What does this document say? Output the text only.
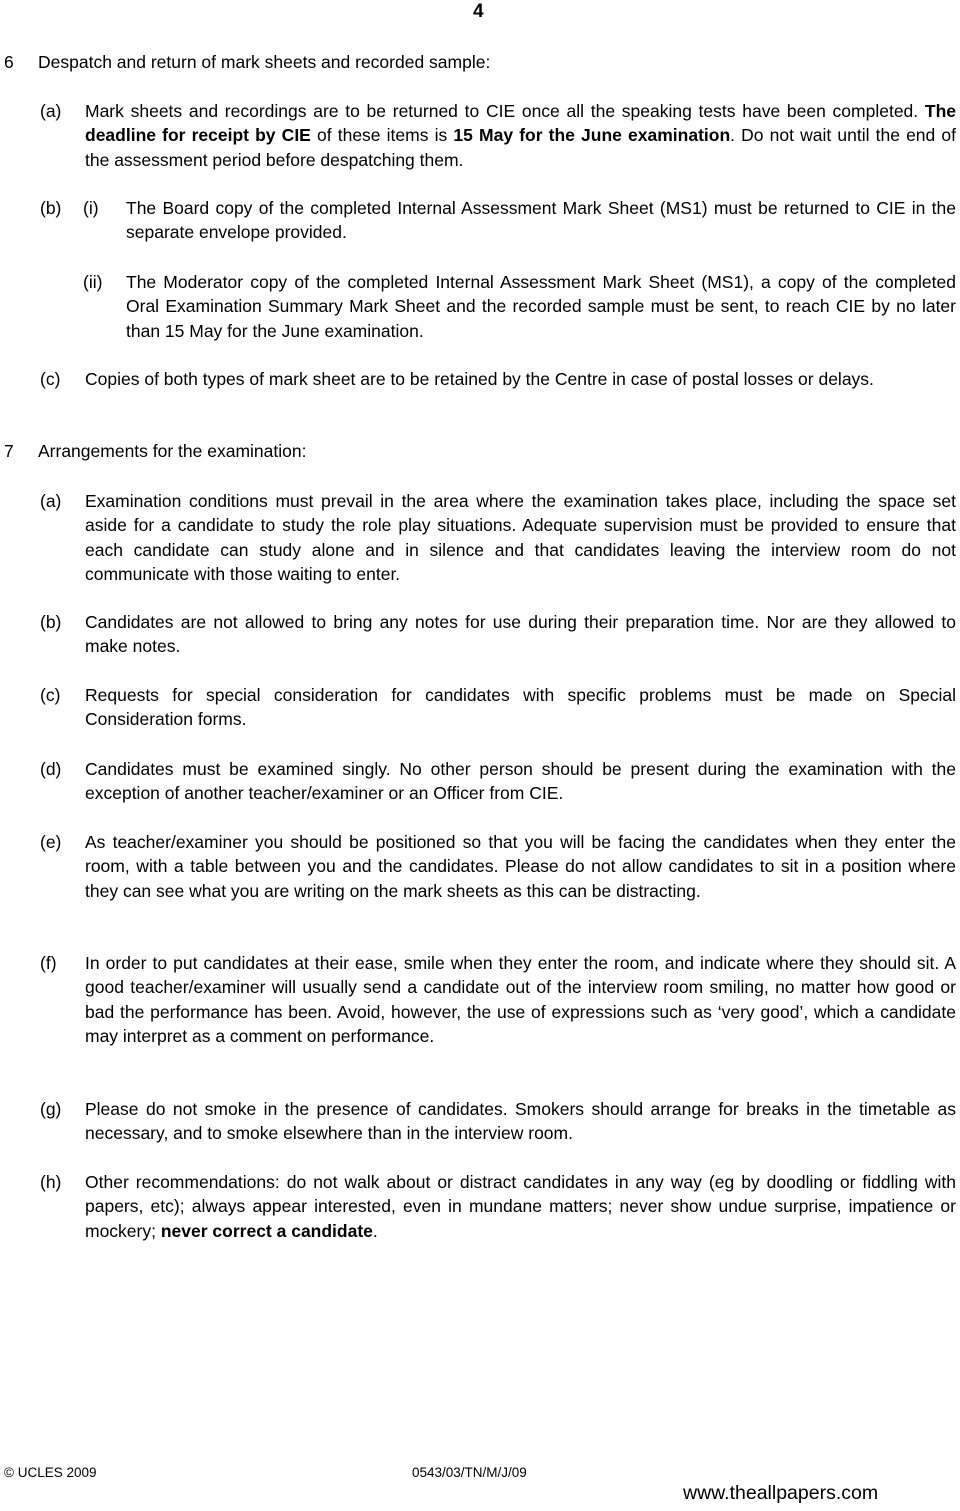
4
6 Despatch and return of mark sheets and recorded sample:
(a) Mark sheets and recordings are to be returned to CIE once all the speaking tests have been completed. The deadline for receipt by CIE of these items is 15 May for the June examination. Do not wait until the end of the assessment period before despatching them.
(b) (i) The Board copy of the completed Internal Assessment Mark Sheet (MS1) must be returned to CIE in the separate envelope provided.
(ii) The Moderator copy of the completed Internal Assessment Mark Sheet (MS1), a copy of the completed Oral Examination Summary Mark Sheet and the recorded sample must be sent, to reach CIE by no later than 15 May for the June examination.
(c) Copies of both types of mark sheet are to be retained by the Centre in case of postal losses or delays.
7 Arrangements for the examination:
(a) Examination conditions must prevail in the area where the examination takes place, including the space set aside for a candidate to study the role play situations. Adequate supervision must be provided to ensure that each candidate can study alone and in silence and that candidates leaving the interview room do not communicate with those waiting to enter.
(b) Candidates are not allowed to bring any notes for use during their preparation time. Nor are they allowed to make notes.
(c) Requests for special consideration for candidates with specific problems must be made on Special Consideration forms.
(d) Candidates must be examined singly. No other person should be present during the examination with the exception of another teacher/examiner or an Officer from CIE.
(e) As teacher/examiner you should be positioned so that you will be facing the candidates when they enter the room, with a table between you and the candidates. Please do not allow candidates to sit in a position where they can see what you are writing on the mark sheets as this can be distracting.
(f) In order to put candidates at their ease, smile when they enter the room, and indicate where they should sit. A good teacher/examiner will usually send a candidate out of the interview room smiling, no matter how good or bad the performance has been. Avoid, however, the use of expressions such as ‘very good’, which a candidate may interpret as a comment on performance.
(g) Please do not smoke in the presence of candidates. Smokers should arrange for breaks in the timetable as necessary, and to smoke elsewhere than in the interview room.
(h) Other recommendations: do not walk about or distract candidates in any way (eg by doodling or fiddling with papers, etc); always appear interested, even in mundane matters; never show undue surprise, impatience or mockery; never correct a candidate.
© UCLES 2009	0543/03/TN/M/J/09
www.theallpapers.com
